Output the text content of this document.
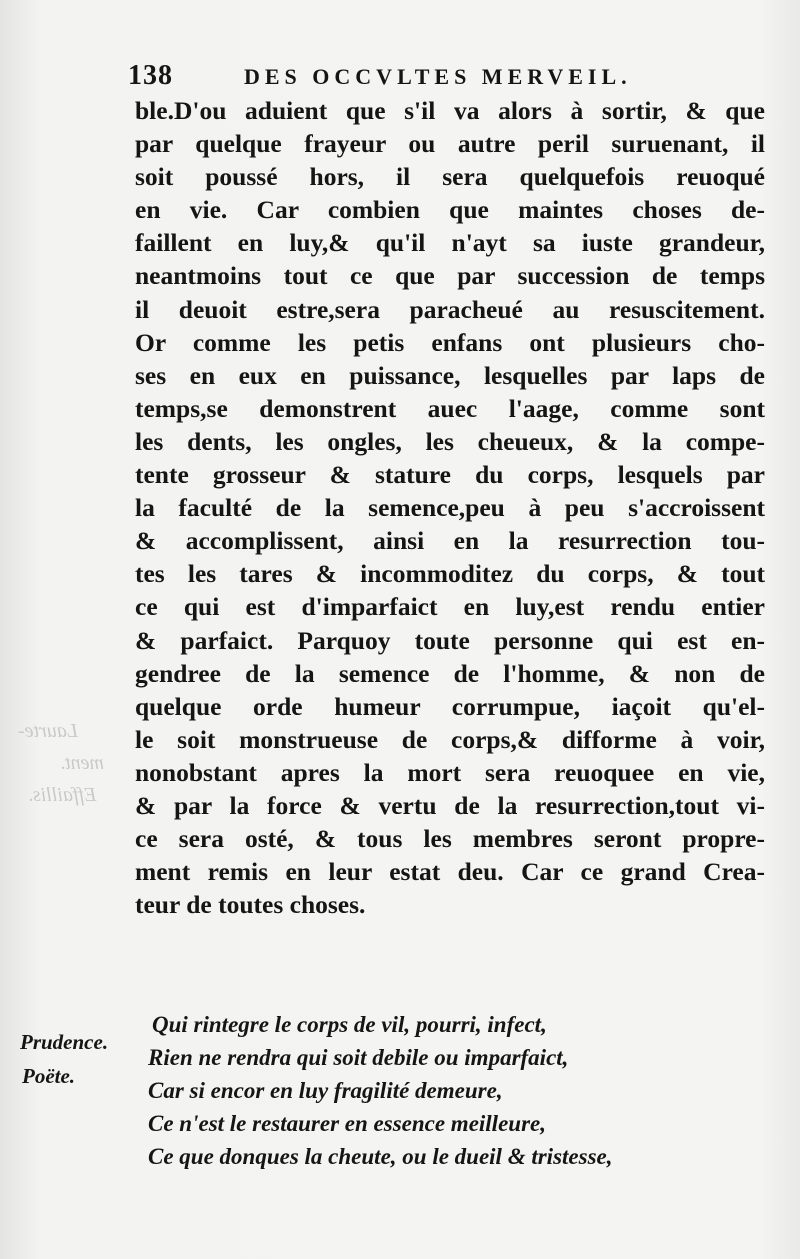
Laurte-
ment.
Effaillis.
138	DES OCCVLTES MERVEIL.
ble.D'ou aduient que s'il va alors à sortir, & que
par quelque frayeur ou autre peril suruenant, il
soit poussé hors, il sera quelquefois reuoqué
en vie. Car combien que maintes choses de-
faillent en luy,& qu'il n'ayt sa iuste grandeur,
neantmoins tout ce que par succession de temps
il deuoit estre,sera paracheué au resuscitement.
Or comme les petis enfans ont plusieurs cho-
ses en eux en puissance, lesquelles par laps de
temps,se demonstrent auec l'aage, comme sont
les dents, les ongles, les cheueux, & la compe-
tente grosseur & stature du corps, lesquels par
la faculté de la semence,peu à peu s'accroissent
& accomplissent, ainsi en la resurrection tou-
tes les tares & incommoditez du corps, & tout
ce qui est d'imparfaict en luy,est rendu entier
& parfaict. Parquoy toute personne qui est en-
gendree de la semence de l'homme, & non de
quelque orde humeur corrumpue, iaçoit qu'el-
le soit monstrueuse de corps,& difforme à voir,
nonobstant apres la mort sera reuoquee en vie,
& par la force & vertu de la resurrection,tout vi-
ce sera osté, & tous les membres seront propre-
ment remis en leur estat deu. Car ce grand Crea-
teur de toutes choses.
Prudence.
Poëte.
Qui rintegre le corps de vil, pourri, infect,
Rien ne rendra qui soit debile ou imparfaict,
Car si encor en luy fragilité demeure,
Ce n'est le restaurer en essence meilleure,
Ce que donques la cheute, ou le dueil & tristesse,
